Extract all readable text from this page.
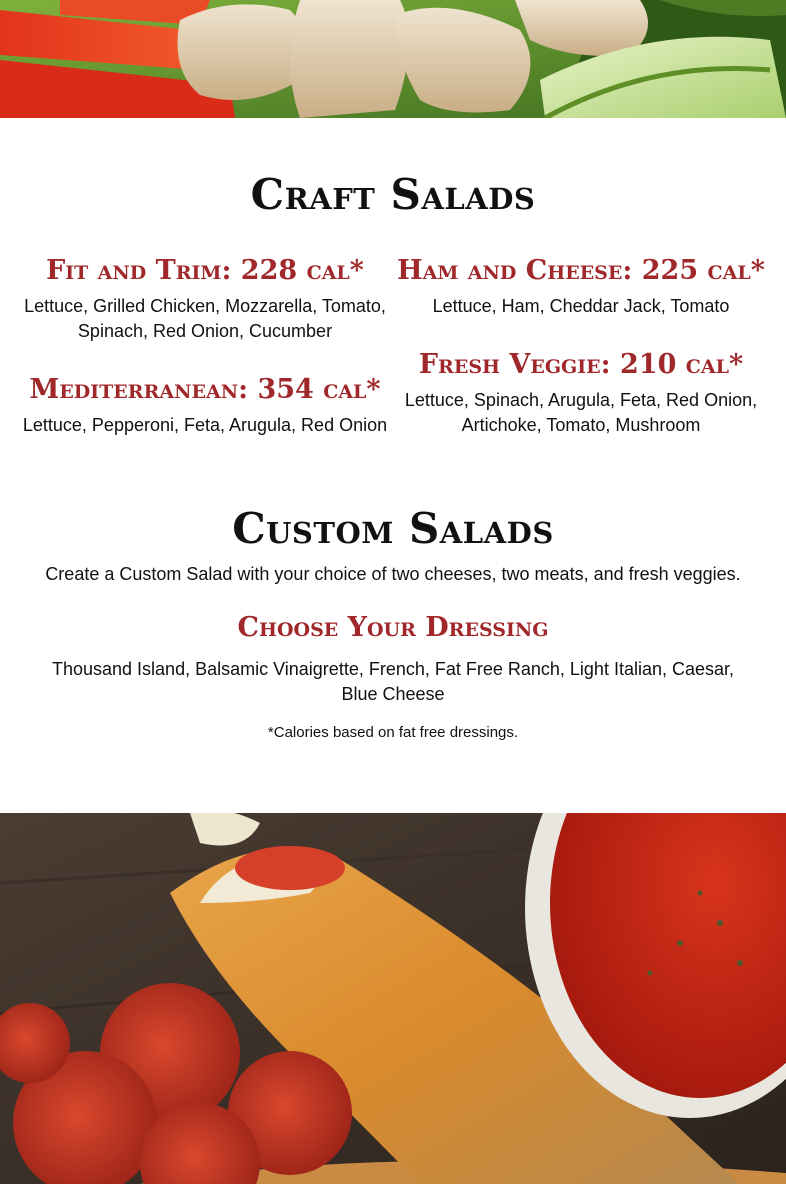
Craft Salads
Fit and Trim: 228 cal*

Lettuce, Grilled Chicken, Mozzarella, Tomato, Spinach, Red Onion, Cucumber

Mediterranean: 354 cal*

Lettuce, Pepperoni, Feta, Arugula, Red Onion

Ham and Cheese: 225 cal*

Lettuce, Ham, Cheddar Jack, Tomato

Fresh Veggie: 210 cal*

Lettuce, Spinach, Arugula, Feta, Red Onion, Artichoke, Tomato, Mushroom

Custom Salads

Create a Custom Salad with your choice of two cheeses, two meats, and fresh veggies.

Choose Your Dressing

Thousand Island, Balsamic Vinaigrette, French, Fat Free Ranch, Light Italian, Caesar, Blue Cheese

*Calories based on fat free dressings.
